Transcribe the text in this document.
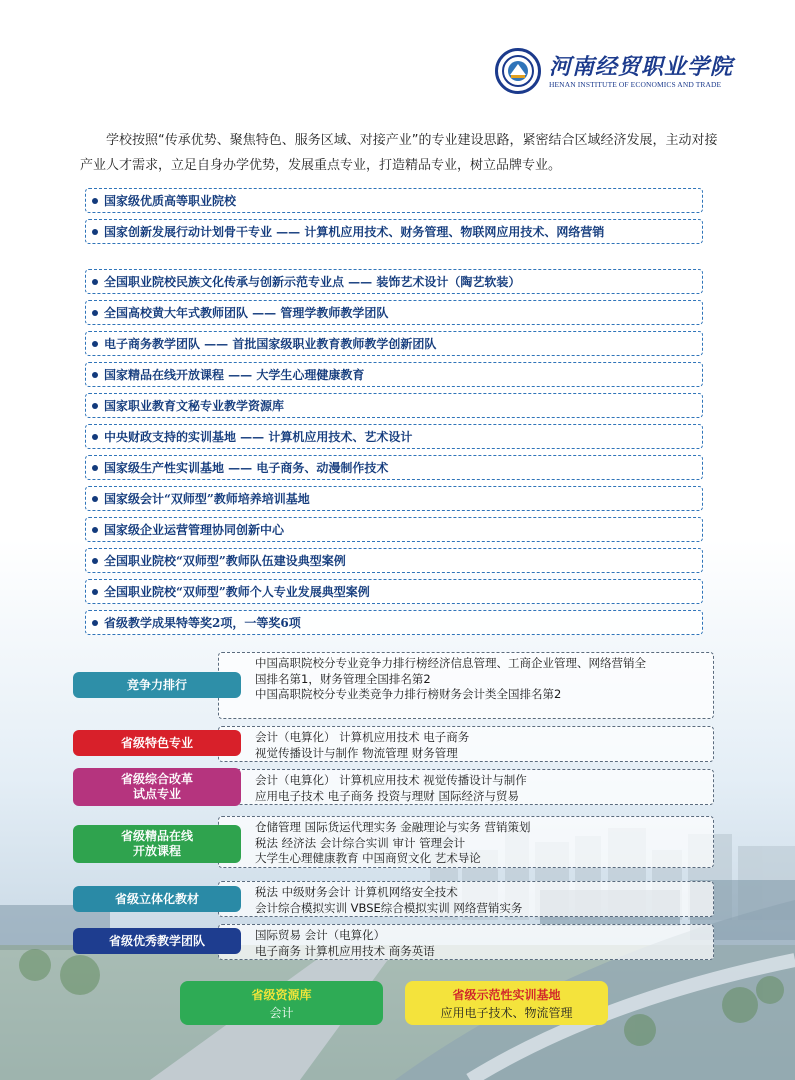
河南经贸职业学院
HENAN INSTITUTE OF ECONOMICS AND TRADE

学校按照“传承优势、聚焦特色、服务区域、对接产业”的专业建设思路，紧密结合区域经济发展，主动对接产业人才需求，立足自身办学优势，发展重点专业，打造精品专业，树立品牌专业。

国家级优质高等职业院校
国家创新发展行动计划骨干专业 —— 计算机应用技术、财务管理、物联网应用技术、网络营销
全国职业院校民族文化传承与创新示范专业点 —— 装饰艺术设计（陶艺软装）
全国高校黄大年式教师团队 —— 管理学教师教学团队
电子商务教学团队 —— 首批国家级职业教育教师教学创新团队
国家精品在线开放课程 —— 大学生心理健康教育
国家职业教育文秘专业教学资源库
中央财政支持的实训基地 —— 计算机应用技术、艺术设计
国家级生产性实训基地 —— 电子商务、动漫制作技术
国家级会计“双师型”教师培养培训基地
国家级企业运营管理协同创新中心
全国职业院校“双师型”教师队伍建设典型案例
全国职业院校“双师型”教师个人专业发展典型案例
省级教学成果特等奖2项，一等奖6项
中国高职院校分专业竞争力排行榜经济信息管理、工商企业管理、网络营销全
国排名第1，财务管理全国排名第2
中国高职院校分专业类竞争力排行榜财务会计类全国排名第2
竞争力排行
会计（电算化） 计算机应用技术 电子商务
视觉传播设计与制作 物流管理 财务管理
省级特色专业
会计（电算化） 计算机应用技术 视觉传播设计与制作
应用电子技术 电子商务 投资与理财 国际经济与贸易
省级综合改革
试点专业
仓储管理 国际货运代理实务 金融理论与实务 营销策划
税法 经济法 会计综合实训 审计 管理会计
大学生心理健康教育 中国商贸文化 艺术导论
省级精品在线
开放课程
税法 中级财务会计 计算机网络安全技术
会计综合模拟实训 VBSE综合模拟实训 网络营销实务
省级立体化教材
国际贸易 会计（电算化）
电子商务 计算机应用技术 商务英语
省级优秀教学团队
省级资源库
会计
省级示范性实训基地
应用电子技术、物流管理
